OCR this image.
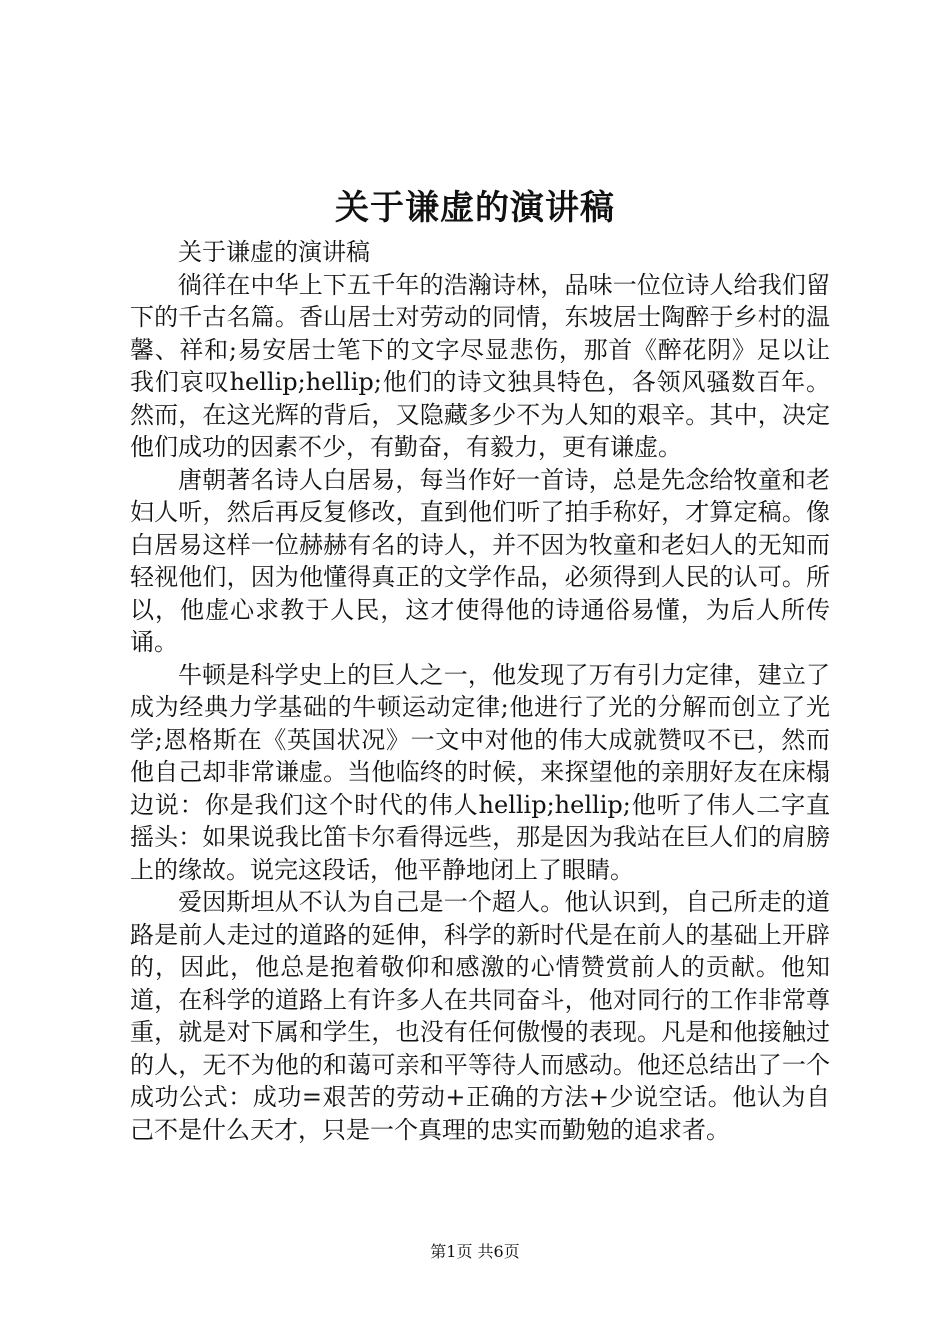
关于谦虚的演讲稿

关于谦虚的演讲稿

徜徉在中华上下五千年的浩瀚诗林，品味一位位诗人给我们留下的千古名篇。香山居士对劳动的同情，东坡居士陶醉于乡村的温馨、祥和;易安居士笔下的文字尽显悲伤，那首《醉花阴》足以让我们哀叹hellip;hellip;他们的诗文独具特色，各领风骚数百年。然而，在这光辉的背后，又隐藏多少不为人知的艰辛。其中，决定他们成功的因素不少，有勤奋，有毅力，更有谦虚。

唐朝著名诗人白居易，每当作好一首诗，总是先念给牧童和老妇人听，然后再反复修改，直到他们听了拍手称好，才算定稿。像白居易这样一位赫赫有名的诗人，并不因为牧童和老妇人的无知而轻视他们，因为他懂得真正的文学作品，必须得到人民的认可。所以，他虚心求教于人民，这才使得他的诗通俗易懂，为后人所传诵。

牛顿是科学史上的巨人之一，他发现了万有引力定律，建立了成为经典力学基础的牛顿运动定律;他进行了光的分解而创立了光学;恩格斯在《英国状况》一文中对他的伟大成就赞叹不已，然而他自己却非常谦虚。当他临终的时候，来探望他的亲朋好友在床榻边说：你是我们这个时代的伟人hellip;hellip;他听了伟人二字直摇头：如果说我比笛卡尔看得远些，那是因为我站在巨人们的肩膀上的缘故。说完这段话，他平静地闭上了眼睛。

爱因斯坦从不认为自己是一个超人。他认识到，自己所走的道路是前人走过的道路的延伸，科学的新时代是在前人的基础上开辟的，因此，他总是抱着敬仰和感激的心情赞赏前人的贡献。他知道，在科学的道路上有许多人在共同奋斗，他对同行的工作非常尊重，就是对下属和学生，也没有任何傲慢的表现。凡是和他接触过的人，无不为他的和蔼可亲和平等待人而感动。他还总结出了一个成功公式：成功=艰苦的劳动+正确的方法+少说空话。他认为自己不是什么天才，只是一个真理的忠实而勤勉的追求者。

第1页 共6页
